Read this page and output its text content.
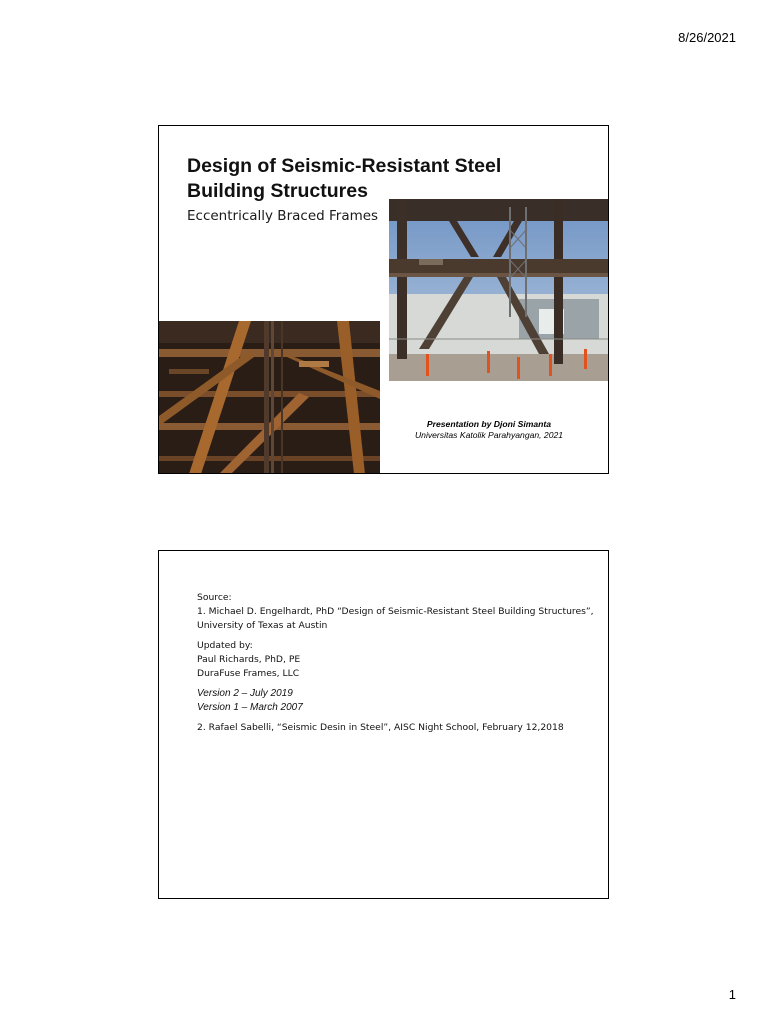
8/26/2021
Design of Seismic-Resistant Steel
Building Structures

Eccentrically Braced Frames

Presentation by Djoni Simanta
Universitas Katolik Parahyangan, 2021

Source:

1. Michael D. Engelhardt, PhD “Design of Seismic-Resistant Steel Building Structures”,

University of Texas at Austin

Updated by:

Paul Richards, PhD, PE

DuraFuse Frames, LLC

Version 2 – July 2019

Version 1 – March 2007

2. Rafael Sabelli, “Seismic Desin in Steel”, AISC Night School, February 12,2018

1
